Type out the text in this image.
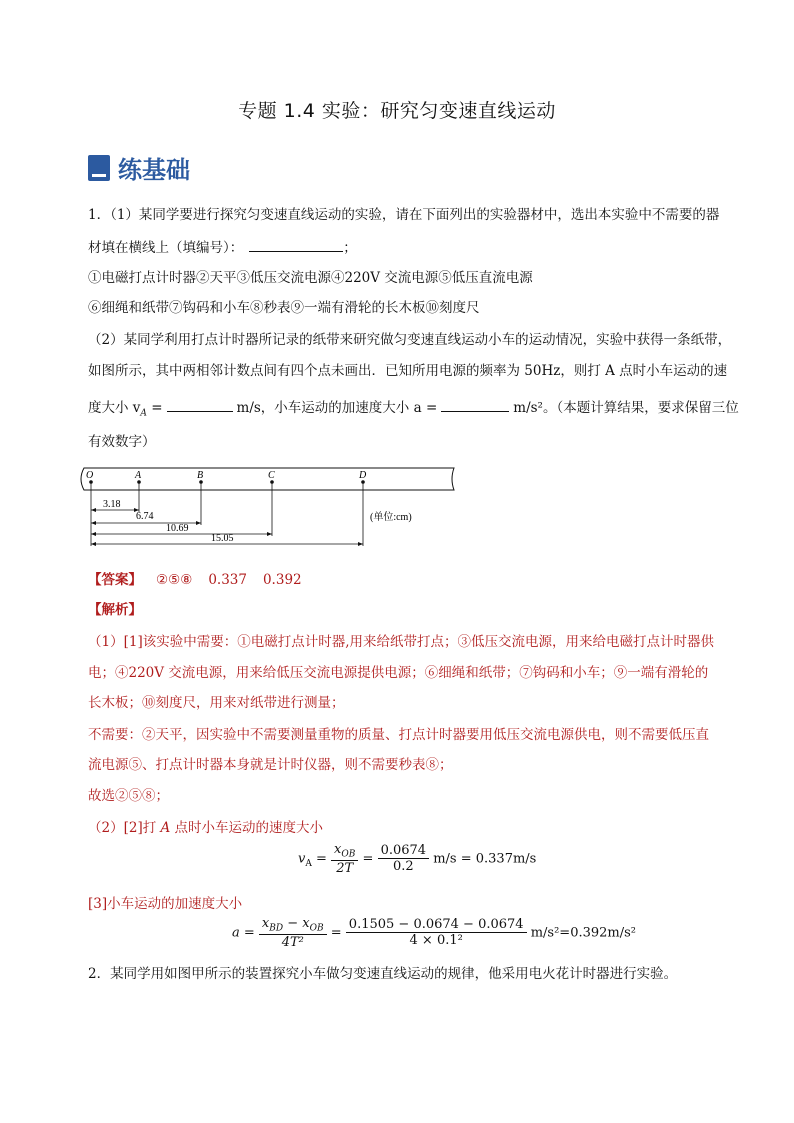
专题 1.4 实验：研究匀变速直线运动
练基础
1．（1）某同学要进行探究匀变速直线运动的实验，请在下面列出的实验器材中，选出本实验中不需要的器
材填在横线上（填编号）：	；
①电磁打点计时器②天平③低压交流电源④220V 交流电源⑤低压直流电源
⑥细绳和纸带⑦钩码和小车⑧秒表⑨一端有滑轮的长木板⑩刻度尺
（2）某同学利用打点计时器所记录的纸带来研究做匀变速直线运动小车的运动情况，实验中获得一条纸带，
如图所示，其中两相邻计数点间有四个点未画出．已知所用电源的频率为 50Hz，则打 A 点时小车运动的速
度大小 $v_A$ =	m/s，小车运动的加速度大小 a =	m/s²。（本题计算结果，要求保留三位
有效数字）
O	A	B	C	D
3.18
6.74
10.69
15.05
(单位:cm)
【答案】 ②⑤⑧ 0.337 0.392
【解析】
（1）[1]该实验中需要：①电磁打点计时器,用来给纸带打点；③低压交流电源，用来给电磁打点计时器供
电；④220V 交流电源，用来给低压交流电源提供电源；⑥细绳和纸带；⑦钩码和小车；⑨一端有滑轮的
长木板；⑩刻度尺，用来对纸带进行测量；
不需要：②天平，因实验中不需要测量重物的质量、打点计时器要用低压交流电源供电，则不需要低压直
流电源⑤、打点计时器本身就是计时仪器，则不需要秒表⑧；
故选②⑤⑧；
（2）[2]打 A 点时小车运动的速度大小
$v_A = \frac{x_{OB}}{2T} = \frac{0.0674}{0.2} m/s = 0.337m/s$
[3]小车运动的加速度大小
$a = \frac{x_{BD} - x_{OB}}{\text{4T²}} = \frac{0.1505 - 0.0674 - 0.0674}{\text{4 × 0.1²}} m/s^2=0.392m/s^2$
2．某同学用如图甲所示的装置探究小车做匀变速直线运动的规律，他采用电火花计时器进行实验。
